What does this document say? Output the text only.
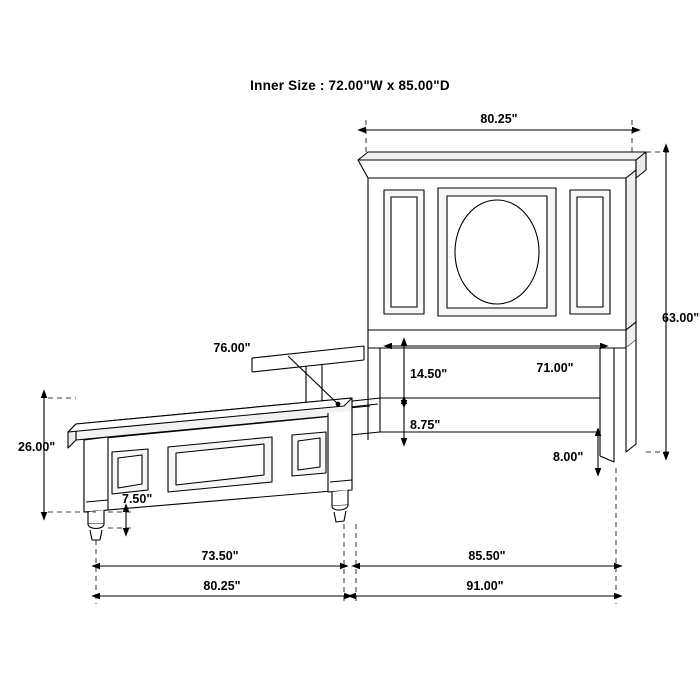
Inner Size : 72.00"W x 85.00"D
80.25"
63.00"
71.00"
14.50"
8.75"
8.00"
26.00"
7.50"
76.00"
73.50"	85.50"
80.25"	91.00"
